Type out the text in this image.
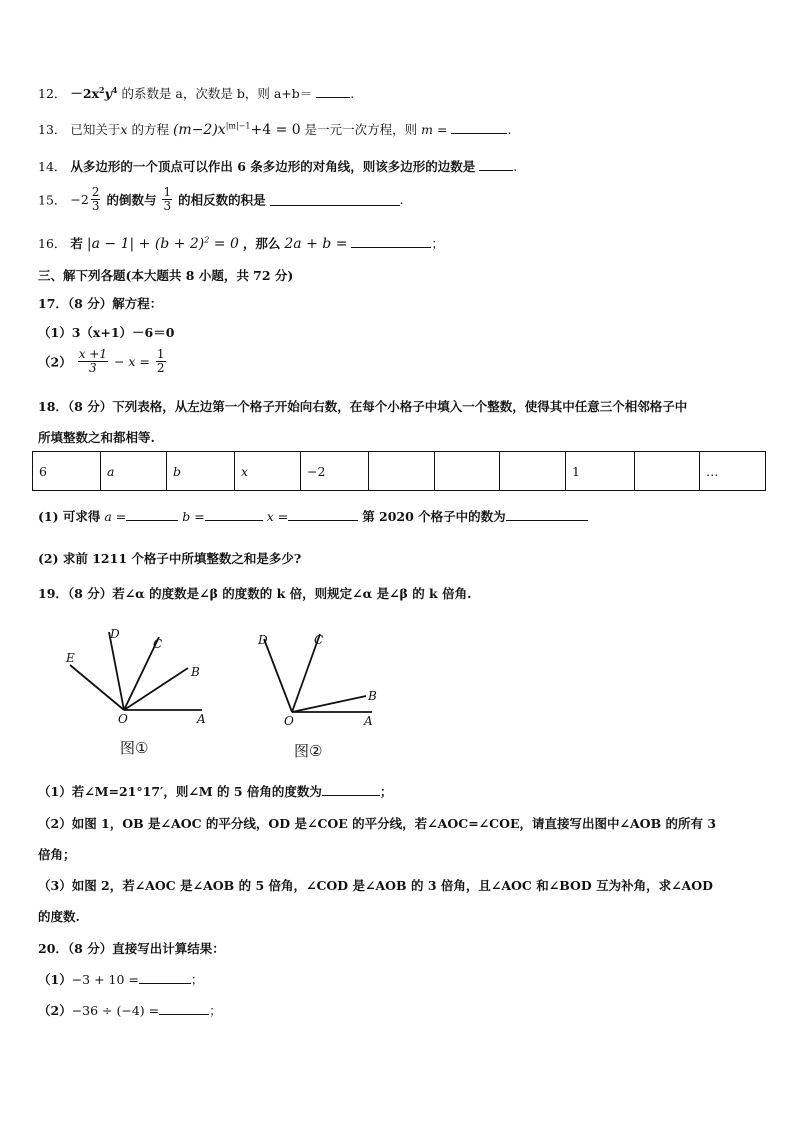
12． $-2x^2y^4$ 的系数是 a，次数是 b，则 a+b＝	.
13． 已知关于x 的方程 $(m-2)x^{|m|-1}+4 = 0$ 是一元一次方程，则 m =	.
14． 从多边形的一个顶点可以作出 6 条多边形的对角线，则该多边形的边数是	.
15． $-2 \frac{2}{3}$ 的倒数与 $\frac{1}{3}$ 的相反数的积是	.
16． 若 $|a - 1| + (b + 2)^2 = 0$ ，那么 2a + b =	；
三、解下列各题(本大题共 8 小题，共 72 分)
17．（8 分）解方程：
（1）3（x+1）－6＝0
$(2) \frac{x +1}{3} - x = \frac{1}{2}$
18．（8 分）下列表格，从左边第一个格子开始向右数，在每个小格子中填入一个整数，使得其中任意三个相邻格子中
所填整数之和都相等.
6	a	b	x	−2				1		…
(1) 可求得 a =	b =	x =	第 2020 个格子中的数为
(2) 求前 1211 个格子中所填整数之和是多少?
19．（8 分）若∠α 的度数是∠β 的度数的 k 倍，则规定∠α 是∠β 的 k 倍角.
D
C
E
B
O	A
图①
D	C
B
O	A
图②
（1）若∠M=21°17′，则∠M 的 5 倍角的度数为	；
（2）如图 1，OB 是∠AOC 的平分线，OD 是∠COE 的平分线，若∠AOC=∠COE，请直接写出图中∠AOB 的所有 3
倍角；
（3）如图 2，若∠AOC 是∠AOB 的 5 倍角，∠COD 是∠AOB 的 3 倍角，且∠AOC 和∠BOD 互为补角，求∠AOD
的度数.
20．（8 分）直接写出计算结果：
（1）−3 + 10 =	；
（2）−36 ÷ (−4) =	；
